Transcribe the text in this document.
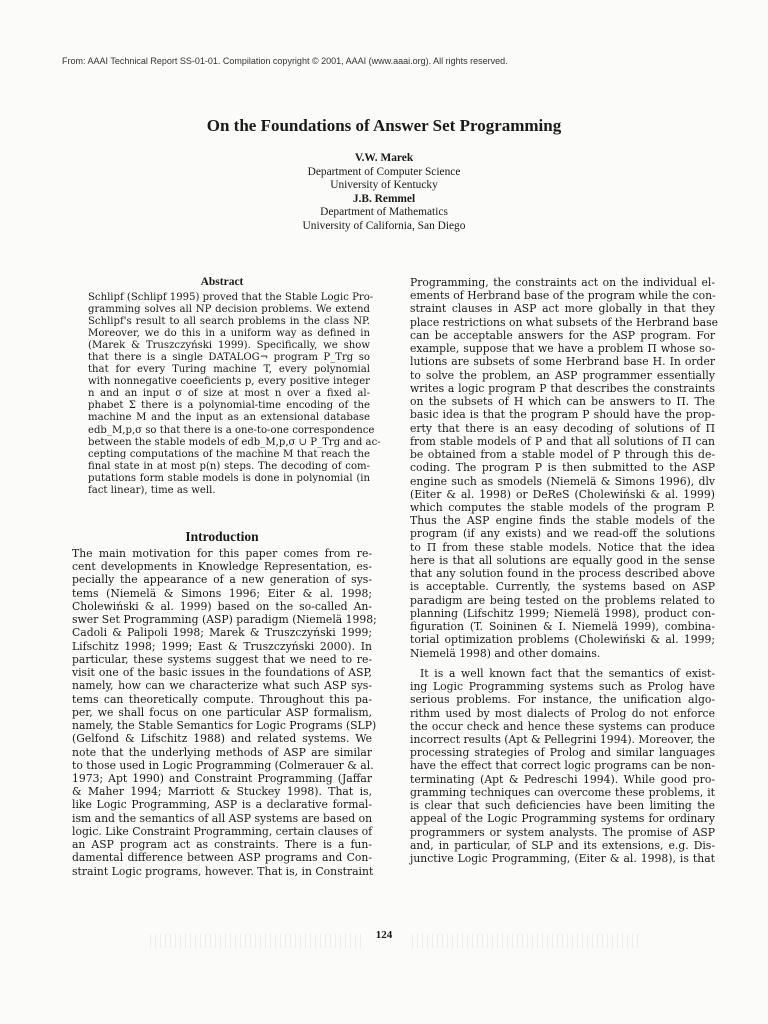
From: AAAI Technical Report SS-01-01. Compilation copyright © 2001, AAAI (www.aaai.org). All rights reserved.
On the Foundations of Answer Set Programming
V.W. Marek
Department of Computer Science
University of Kentucky
J.B. Remmel
Department of Mathematics
University of California, San Diego
Abstract
Introduction
Schlipf (Schlipf 1995) proved that the Stable Logic Pro-
gramming solves all NP decision problems. We extend
Schlipf's result to all search problems in the class NP.
Moreover, we do this in a uniform way as defined in
(Marek & Truszczyński 1999). Specifically, we show
that there is a single DATALOG¬ program P_Trg so
that for every Turing machine T, every polynomial
with nonnegative coeeficients p, every positive integer
n and an input σ of size at most n over a fixed al-
phabet Σ there is a polynomial-time encoding of the
machine M and the input as an extensional database
edb_M,p,σ so that there is a one-to-one correspondence
between the stable models of edb_M,p,σ ∪ P_Trg and ac-
cepting computations of the machine M that reach the
final state in at most p(n) steps. The decoding of com-
putations form stable models is done in polynomial (in
fact linear), time as well.
The main motivation for this paper comes from re-
cent developments in Knowledge Representation, es-
pecially the appearance of a new generation of sys-
tems (Niemelä & Simons 1996; Eiter & al. 1998;
Cholewiński & al. 1999) based on the so-called An-
swer Set Programming (ASP) paradigm (Niemelä 1998;
Cadoli & Palipoli 1998; Marek & Truszczyński 1999;
Lifschitz 1998; 1999; East & Truszczyński 2000). In
particular, these systems suggest that we need to re-
visit one of the basic issues in the foundations of ASP,
namely, how can we characterize what such ASP sys-
tems can theoretically compute. Throughout this pa-
per, we shall focus on one particular ASP formalism,
namely, the Stable Semantics for Logic Programs (SLP)
(Gelfond & Lifschitz 1988) and related systems. We
note that the underlying methods of ASP are similar
to those used in Logic Programming (Colmerauer & al.
1973; Apt 1990) and Constraint Programming (Jaffar
& Maher 1994; Marriott & Stuckey 1998). That is,
like Logic Programming, ASP is a declarative formal-
ism and the semantics of all ASP systems are based on
logic. Like Constraint Programming, certain clauses of
an ASP program act as constraints. There is a fun-
damental difference between ASP programs and Con-
straint Logic programs, however. That is, in Constraint
Programming, the constraints act on the individual el-
ements of Herbrand base of the program while the con-
straint clauses in ASP act more globally in that they
place restrictions on what subsets of the Herbrand base
can be acceptable answers for the ASP program. For
example, suppose that we have a problem Π whose so-
lutions are subsets of some Herbrand base H. In order
to solve the problem, an ASP programmer essentially
writes a logic program P that describes the constraints
on the subsets of H which can be answers to Π. The
basic idea is that the program P should have the prop-
erty that there is an easy decoding of solutions of Π
from stable models of P and that all solutions of Π can
be obtained from a stable model of P through this de-
coding. The program P is then submitted to the ASP
engine such as smodels (Niemelä & Simons 1996), dlv
(Eiter & al. 1998) or DeReS (Cholewiński & al. 1999)
which computes the stable models of the program P.
Thus the ASP engine finds the stable models of the
program (if any exists) and we read-off the solutions
to Π from these stable models. Notice that the idea
here is that all solutions are equally good in the sense
that any solution found in the process described above
is acceptable. Currently, the systems based on ASP
paradigm are being tested on the problems related to
planning (Lifschitz 1999; Niemelä 1998), product con-
figuration (T. Soininen & I. Niemelä 1999), combina-
torial optimization problems (Cholewiński & al. 1999;
Niemelä 1998) and other domains.
It is a well known fact that the semantics of exist-
ing Logic Programming systems such as Prolog have
serious problems. For instance, the unification algo-
rithm used by most dialects of Prolog do not enforce
the occur check and hence these systems can produce
incorrect results (Apt & Pellegrini 1994). Moreover, the
processing strategies of Prolog and similar languages
have the effect that correct logic programs can be non-
terminating (Apt & Pedreschi 1994). While good pro-
gramming techniques can overcome these problems, it
is clear that such deficiencies have been limiting the
appeal of the Logic Programming systems for ordinary
programmers or system analysts. The promise of ASP
and, in particular, of SLP and its extensions, e.g. Dis-
junctive Logic Programming, (Eiter & al. 1998), is that
124
